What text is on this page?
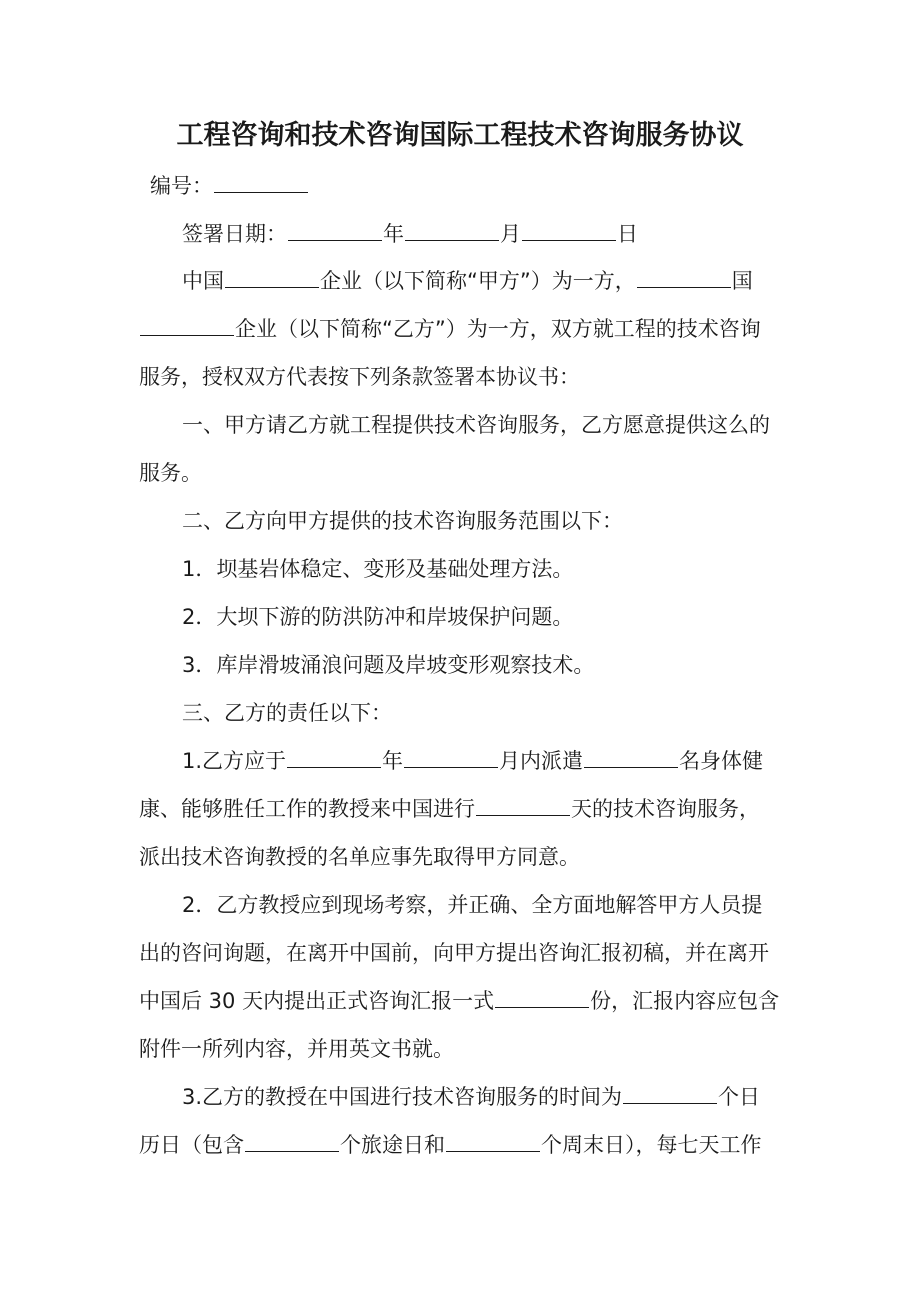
工程咨询和技术咨询国际工程技术咨询服务协议
编号：
签署日期：	年	月	日
中国	企业（以下简称“甲方”）为一方，	国
企业（以下简称“乙方”）为一方，双方就工程的技术咨询
服务，授权双方代表按下列条款签署本协议书：
一、甲方请乙方就工程提供技术咨询服务，乙方愿意提供这么的
服务。
二、乙方向甲方提供的技术咨询服务范围以下：
1．坝基岩体稳定、变形及基础处理方法。
2．大坝下游的防洪防冲和岸坡保护问题。
3．库岸滑坡涌浪问题及岸坡变形观察技术。
三、乙方的责任以下：
1.乙方应于	年	月内派遣	名身体健
康、能够胜任工作的教授来中国进行	天的技术咨询服务，
派出技术咨询教授的名单应事先取得甲方同意。
2．乙方教授应到现场考察，并正确、全方面地解答甲方人员提
出的咨问询题，在离开中国前，向甲方提出咨询汇报初稿，并在离开
中国后 30 天内提出正式咨询汇报一式	份，汇报内容应包含
附件一所列内容，并用英文书就。
3.乙方的教授在中国进行技术咨询服务的时间为	个日
历日（包含	个旅途日和	个周末日），每七天工作
